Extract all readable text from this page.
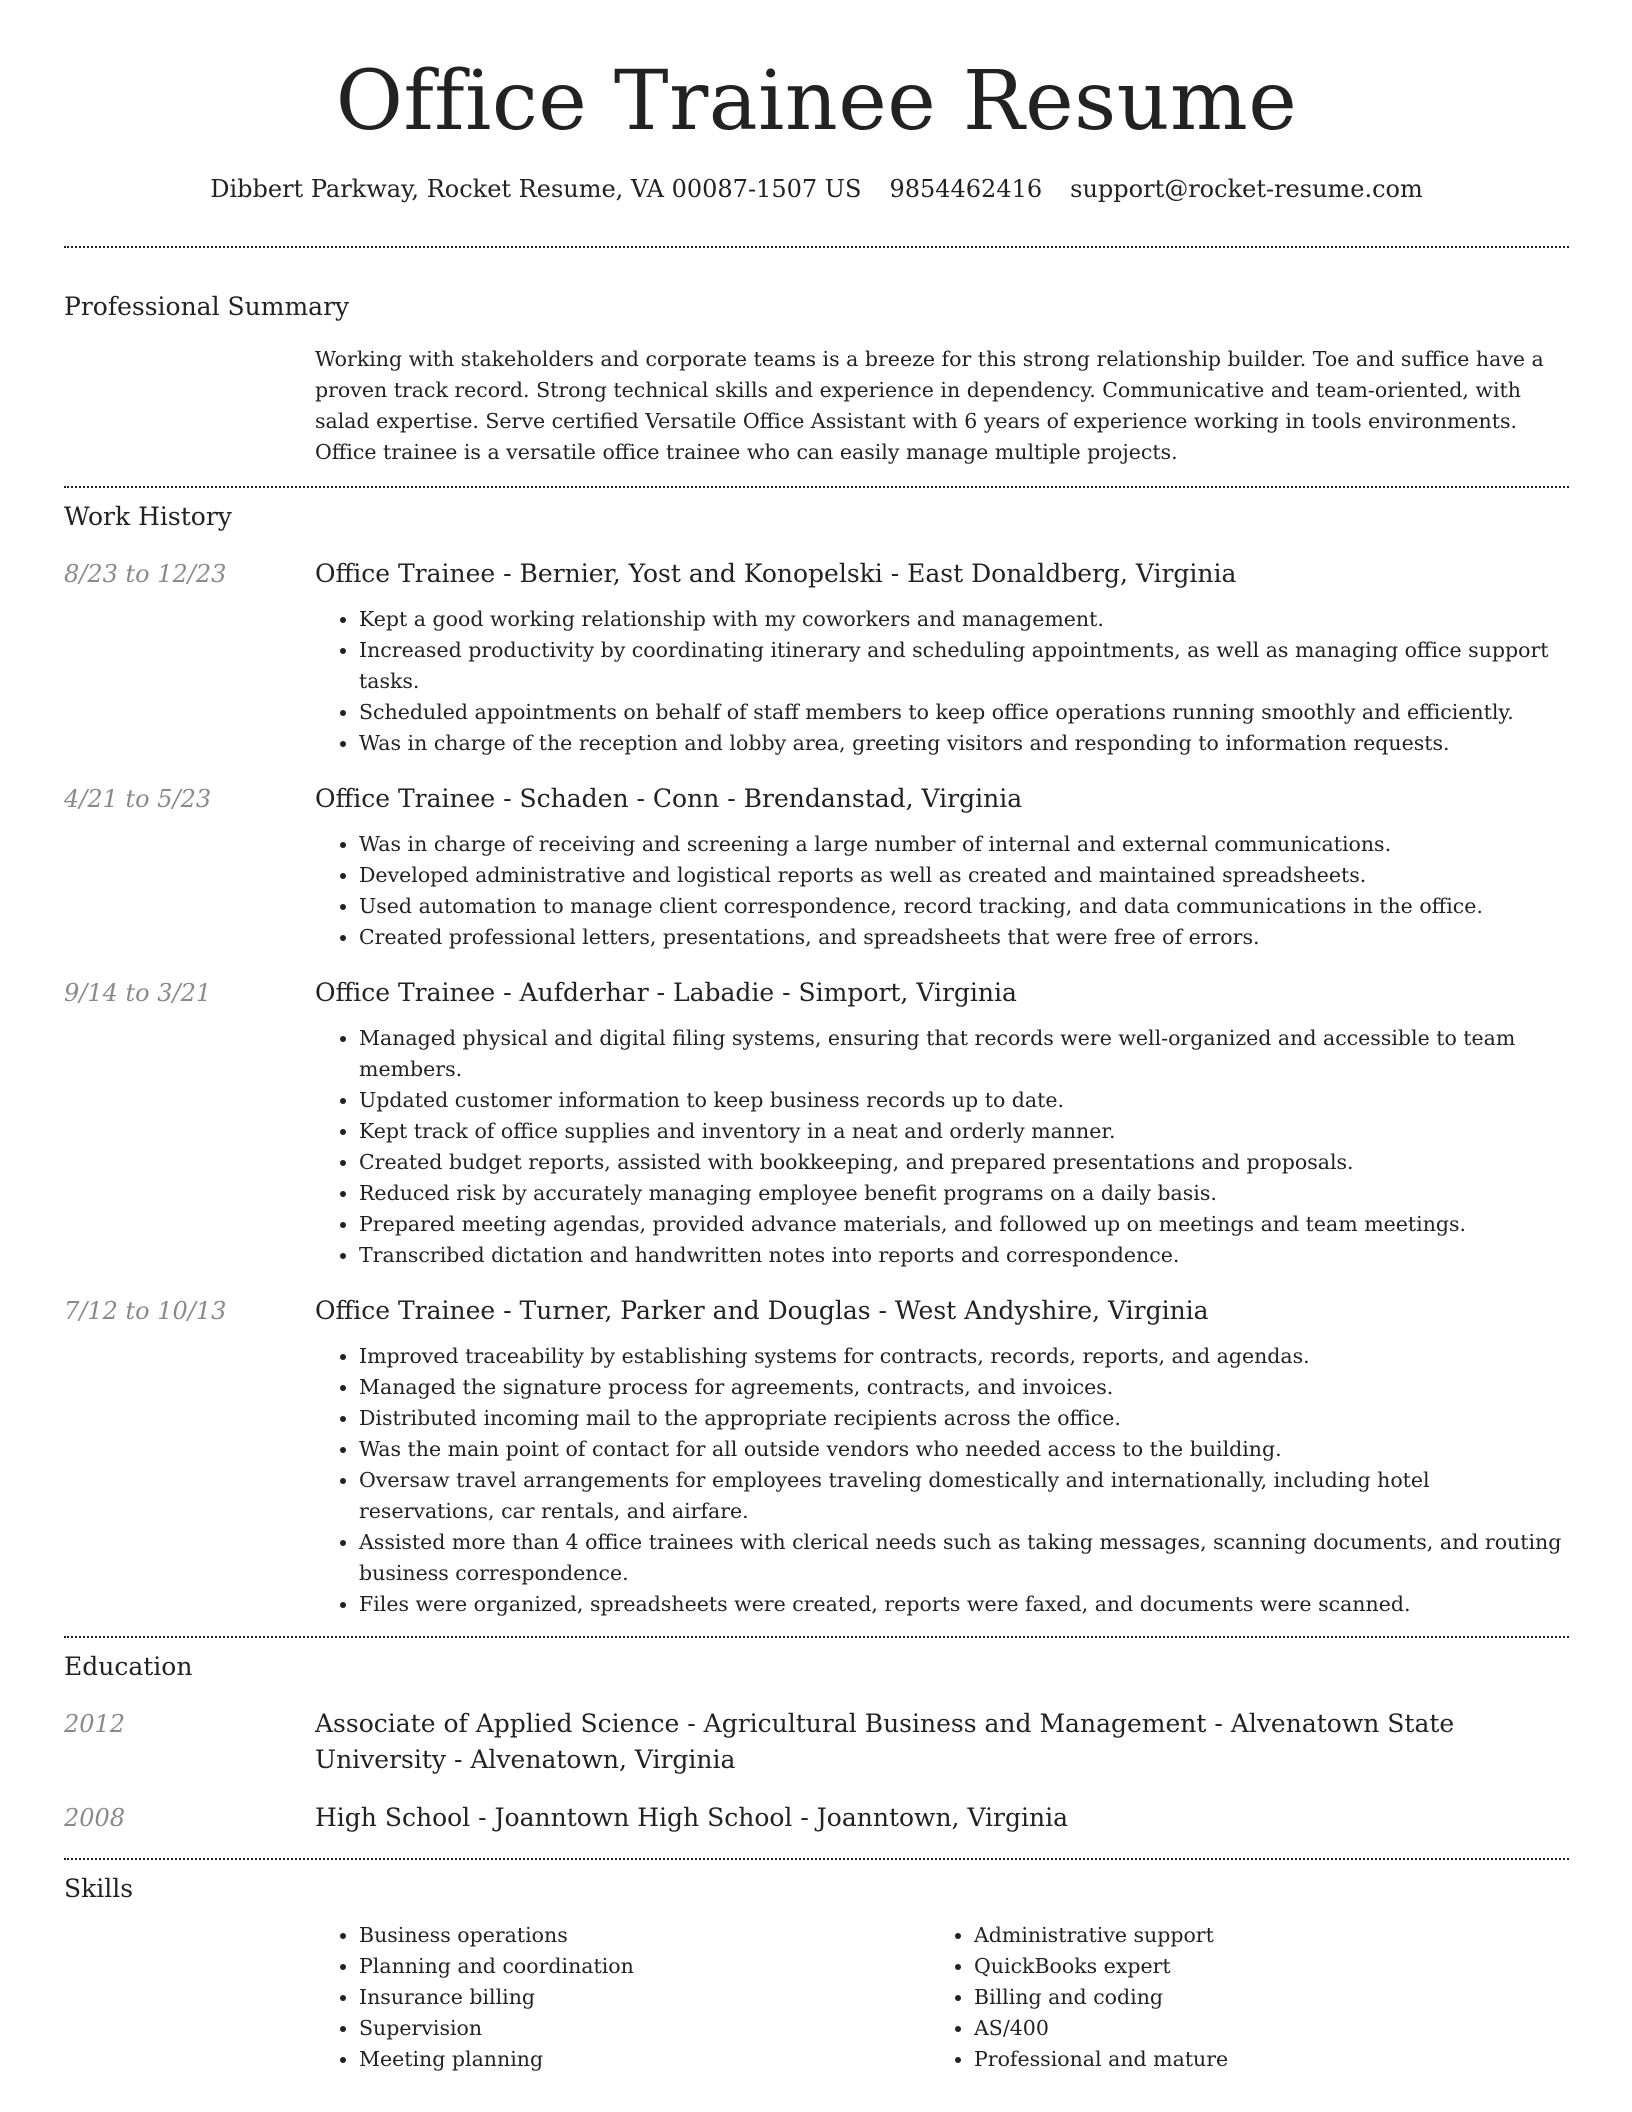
Office Trainee Resume
Dibbert Parkway, Rocket Resume, VA 00087-1507 US 9854462416 support@rocket-resume.com
Professional Summary

Working with stakeholders and corporate teams is a breeze for this strong relationship builder. Toe and suffice have a proven track record. Strong technical skills and experience in dependency. Communicative and team-oriented, with salad expertise. Serve certified Versatile Office Assistant with 6 years of experience working in tools environments. Office trainee is a versatile office trainee who can easily manage multiple projects.

Work History
8/23 to 12/23	Office Trainee - Bernier, Yost and Konopelski - East Donaldberg, Virginia
• Kept a good working relationship with my coworkers and management.
• Increased productivity by coordinating itinerary and scheduling appointments, as well as managing office support tasks.
• Scheduled appointments on behalf of staff members to keep office operations running smoothly and efficiently.
• Was in charge of the reception and lobby area, greeting visitors and responding to information requests.
4/21 to 5/23	Office Trainee - Schaden - Conn - Brendanstad, Virginia
• Was in charge of receiving and screening a large number of internal and external communications.
• Developed administrative and logistical reports as well as created and maintained spreadsheets.
• Used automation to manage client correspondence, record tracking, and data communications in the office.
• Created professional letters, presentations, and spreadsheets that were free of errors.
9/14 to 3/21	Office Trainee - Aufderhar - Labadie - Simport, Virginia
• Managed physical and digital filing systems, ensuring that records were well-organized and accessible to team members.
• Updated customer information to keep business records up to date.
• Kept track of office supplies and inventory in a neat and orderly manner.
• Created budget reports, assisted with bookkeeping, and prepared presentations and proposals.
• Reduced risk by accurately managing employee benefit programs on a daily basis.
• Prepared meeting agendas, provided advance materials, and followed up on meetings and team meetings.
• Transcribed dictation and handwritten notes into reports and correspondence.
7/12 to 10/13	Office Trainee - Turner, Parker and Douglas - West Andyshire, Virginia
• Improved traceability by establishing systems for contracts, records, reports, and agendas.
• Managed the signature process for agreements, contracts, and invoices.
• Distributed incoming mail to the appropriate recipients across the office.
• Was the main point of contact for all outside vendors who needed access to the building.
• Oversaw travel arrangements for employees traveling domestically and internationally, including hotel reservations, car rentals, and airfare.
• Assisted more than 4 office trainees with clerical needs such as taking messages, scanning documents, and routing business correspondence.
• Files were organized, spreadsheets were created, reports were faxed, and documents were scanned.
Education
2012	Associate of Applied Science - Agricultural Business and Management - Alvenatown State University - Alvenatown, Virginia
2008	High School - Joanntown High School - Joanntown, Virginia
Skills
• Business operations
• Planning and coordination
• Insurance billing
• Supervision
• Meeting planning
• Administrative support
• QuickBooks expert
• Billing and coding
• AS/400
• Professional and mature
